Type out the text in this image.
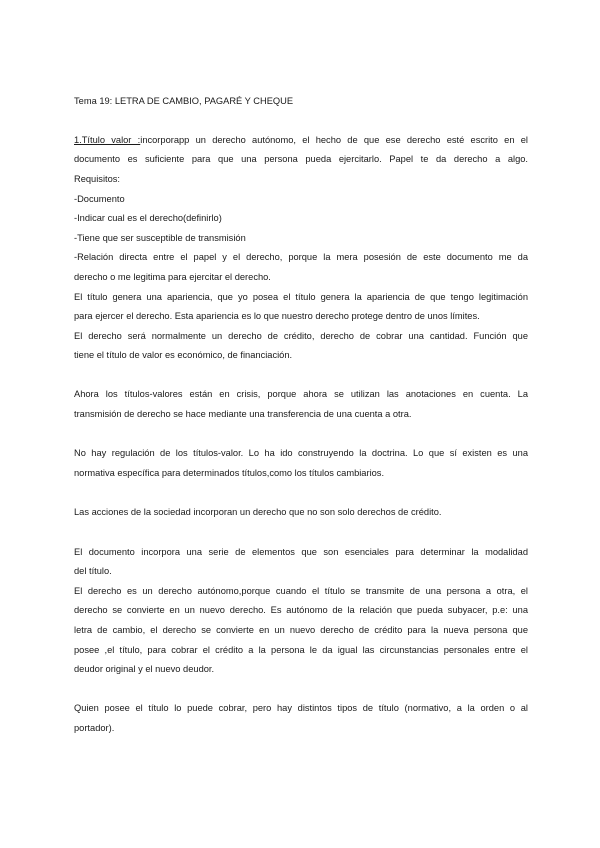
Tema 19: LETRA DE CAMBIO, PAGARÉ Y CHEQUE
1.Título valor :incorporapp un derecho autónomo, el hecho de que ese derecho esté escrito en el
documento es suficiente para que una persona pueda ejercitarlo. Papel te da derecho a algo.
Requisitos:
-Documento
-Indicar cual es el derecho(definirlo)
-Tiene que ser susceptible de transmisión
-Relación directa entre el papel y el derecho, porque la mera posesión de este documento me da
derecho o me legitima para ejercitar el derecho.
El título genera una apariencia, que yo posea el título genera la apariencia de que tengo legitimación
para ejercer el derecho. Esta apariencia es lo que nuestro derecho protege dentro de unos límites.
El derecho será normalmente un derecho de crédito, derecho de cobrar una cantidad. Función que
tiene el título de valor es económico, de financiación.
Ahora los títulos-valores están en crisis, porque ahora se utilizan las anotaciones en cuenta. La
transmisión de derecho se hace mediante una transferencia de una cuenta a otra.
No hay regulación de los títulos-valor. Lo ha ido construyendo la doctrina. Lo que sí existen es una
normativa específica para determinados títulos,como los títulos cambiarios.
Las acciones de la sociedad incorporan un derecho que no son solo derechos de crédito.
El documento incorpora una serie de elementos que son esenciales para determinar la modalidad
del título.
El derecho es un derecho autónomo,porque cuando el título se transmite de una persona a otra, el
derecho se convierte en un nuevo derecho. Es autónomo de la relación que pueda subyacer, p.e: una
letra de cambio, el derecho se convierte en un nuevo derecho de crédito para la nueva persona que
posee ,el título, para cobrar el crédito a la persona le da igual las circunstancias personales entre el
deudor original y el nuevo deudor.
Quien posee el título lo puede cobrar, pero hay distintos tipos de título (normativo, a la orden o al
portador).
